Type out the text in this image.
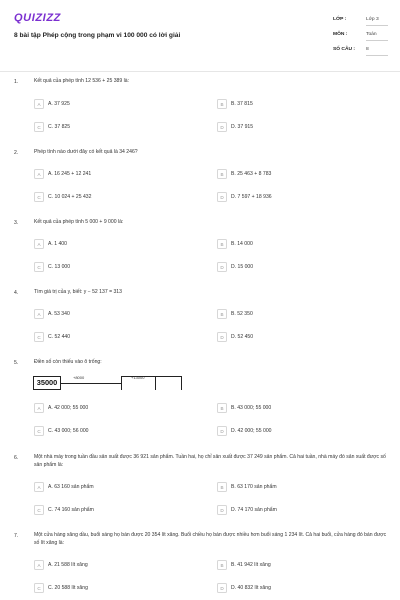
QUIZIZZ
8 bài tập Phép cộng trong phạm vi 100 000 có lời giải
LỚP :	Lớp 3
MÔN :	Toán
SỐ CÂU : 8
1.	Kết quả của phép tính 12 536 + 25 389 là:
A	A. 37 925	B	B. 37 815
C	C. 37 825	D	D. 37 915
2.	Phép tính nào dưới đây có kết quả là 34 246?
A	A. 16 245 + 12 241	B	B. 25 463 + 8 783
C	C. 10 024 + 25 432	D	D. 7 597 + 18 936
3.	Kết quả của phép tính 5 000 + 9 000 là:
A	A. 1 400	B	B. 14 000
C	C. 13 000	D	D. 15 000
4.	Tìm giá trị của y, biết: y − 52 137 = 313
A	A. 53 340	B	B. 52 350
C	C. 52 440	D	D. 52 450
5.	Điền số còn thiếu vào ô trống:
35000
+8000	+13000
A	A. 42 000; 55 000	B	B. 43 000; 55 000
C	C. 43 000; 56 000	D	D. 42 000; 55 000
6.	Một nhà máy trong tuần đầu sản xuất được 36 921 sản phẩm. Tuần hai, họ chỉ sản xuất được 37 249 sản phẩm. Cả hai tuần, nhà máy đó sản xuất được số sản phẩm là:
A	A. 63 160 sản phẩm	B	B. 63 170 sản phẩm
C	C. 74 160 sản phẩm	D	D. 74 170 sản phẩm
7.	Một cửa hàng xăng dầu, buổi sáng họ bán được 20 354 lít xăng. Buổi chiều họ bán được nhiều hơn buổi sáng 1 234 lít. Cả hai buổi, cửa hàng đó bán được số lít xăng là:
A	A. 21 588 lít xăng	B	B. 41 942 lít xăng
C	C. 20 588 lít xăng	D	D. 40 832 lít xăng
